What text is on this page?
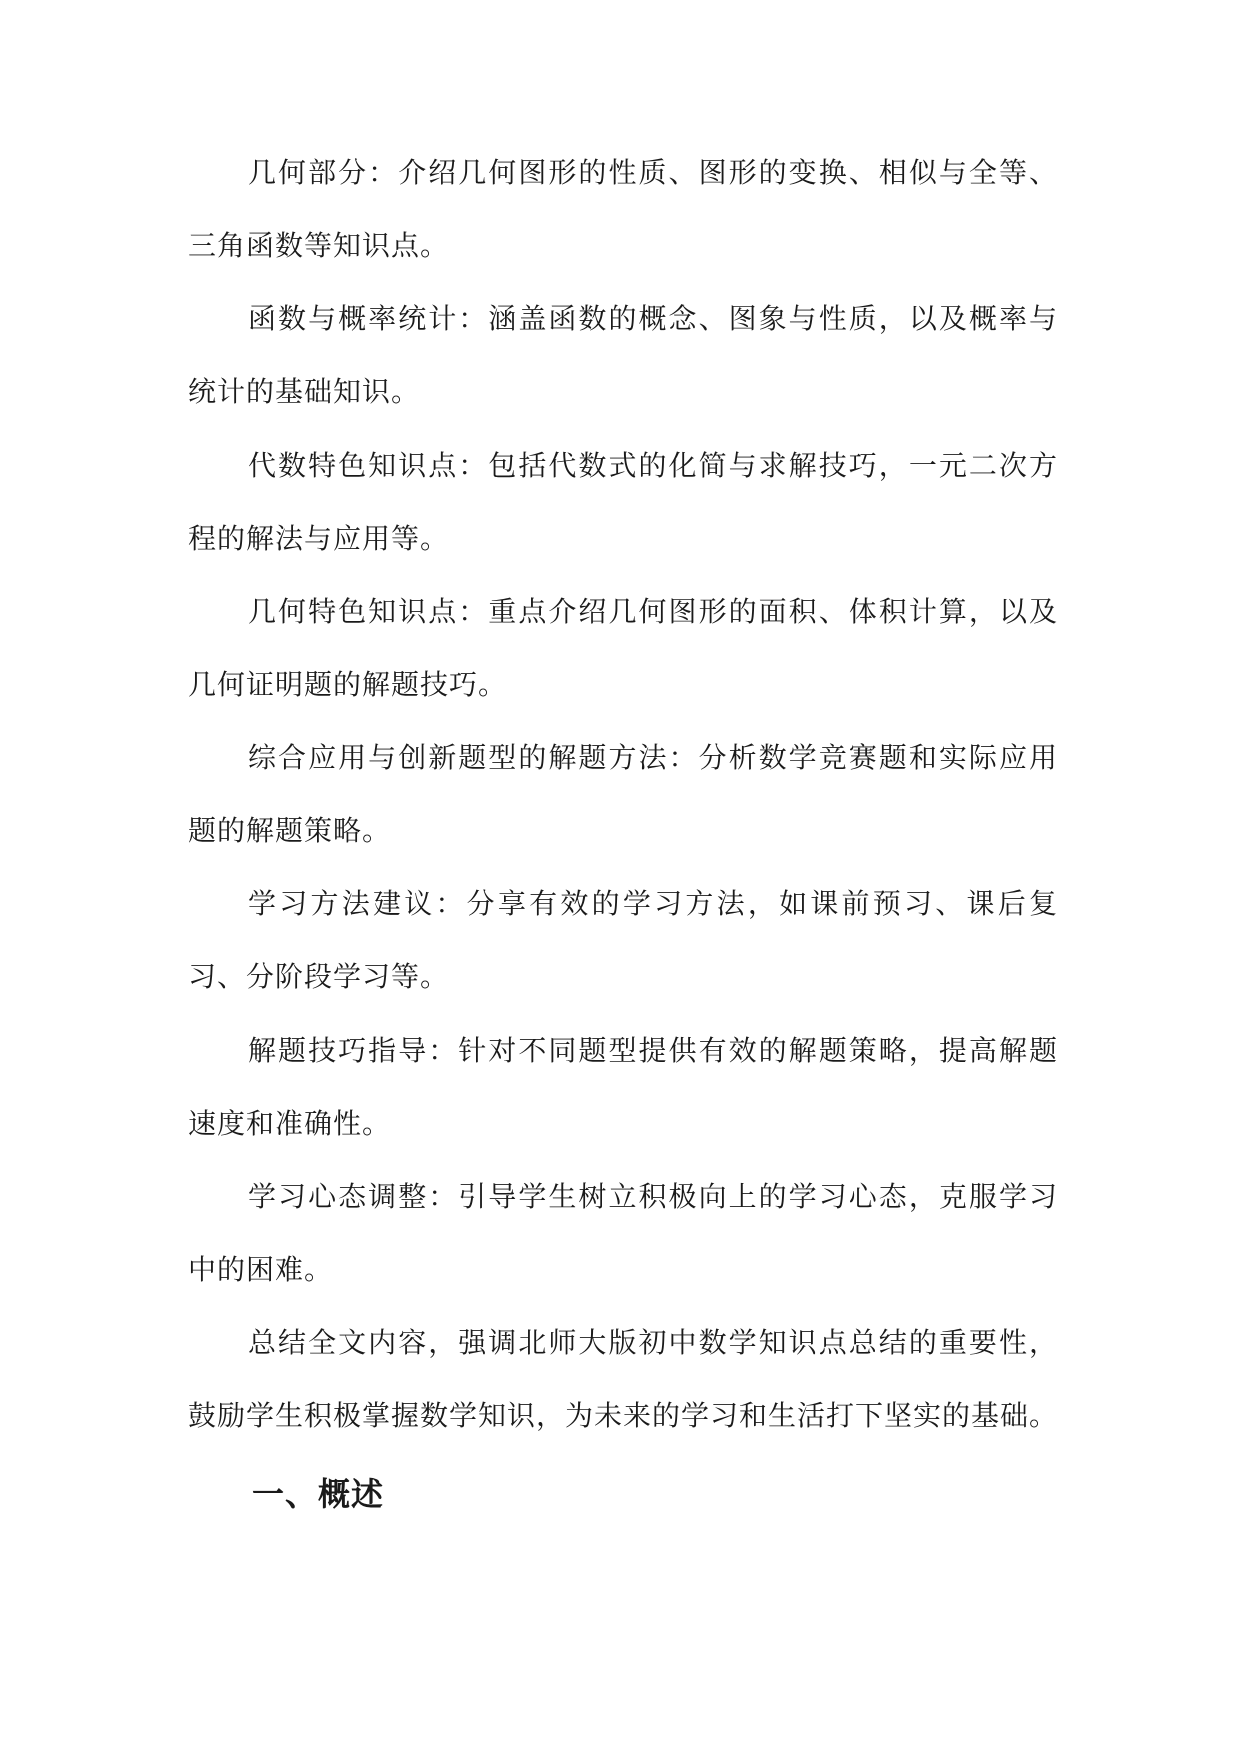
几何部分：介绍几何图形的性质、图形的变换、相似与全等、三角函数等知识点。

函数与概率统计：涵盖函数的概念、图象与性质，以及概率与统计的基础知识。

代数特色知识点：包括代数式的化简与求解技巧，一元二次方程的解法与应用等。

几何特色知识点：重点介绍几何图形的面积、体积计算，以及几何证明题的解题技巧。

综合应用与创新题型的解题方法：分析数学竞赛题和实际应用题的解题策略。

学习方法建议：分享有效的学习方法，如课前预习、课后复习、分阶段学习等。

解题技巧指导：针对不同题型提供有效的解题策略，提高解题速度和准确性。

学习心态调整：引导学生树立积极向上的学习心态，克服学习中的困难。

总结全文内容，强调北师大版初中数学知识点总结的重要性，鼓励学生积极掌握数学知识，为未来的学习和生活打下坚实的基础。

一、概述
